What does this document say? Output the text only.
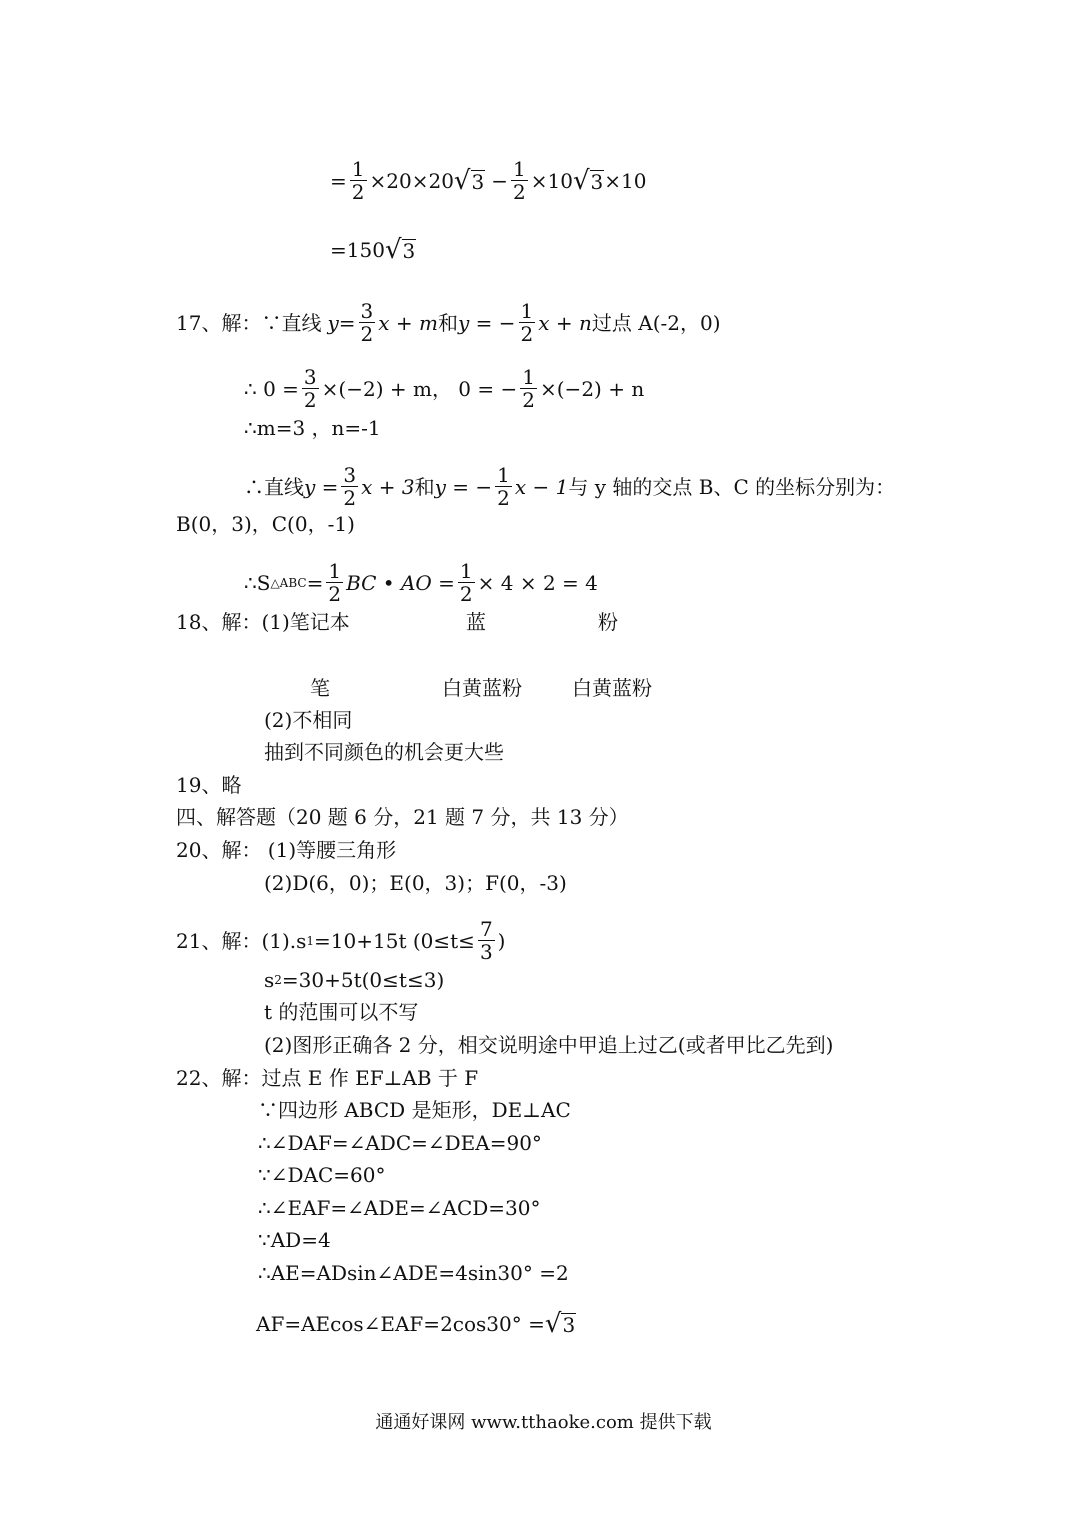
= $\frac{1}{2} \times 20\times 20$ √ $3 - \frac{1}{2} \times 10$ √ 3 ×10
=150 √ 3
17、解：∵直线 $y = \frac{3}{2}$ x + m 和 y = − $\frac{1}{2}$ x + n 过点 A(-2，0)
∴ $0 = \frac{3}{2} \times(-2) + m$， 0 = − $\frac{1}{2} \times(-2) + n$
∴m=3 ，n=-1
∴直线 $y = \frac{3}{2}$ x + 3 和 y = − $\frac{1}{2}$ x − 1 与 y 轴的交点 B、C 的坐标分别为：
B(0，3)，C(0，-1)
∴S △ABC = $\frac{1}{2}$ BC • AO = $\frac{1}{2} \times 4 \times 2 = 4$
18、解：(1)笔记本	蓝	粉
笔	白黄蓝粉	白黄蓝粉
(2)不相同
抽到不同颜色的机会更大些
19、略
四、解答题（20 题 6 分，21 题 7 分，共 13 分）
20、解： (1)等腰三角形
(2)D(6，0)；E(0，3)；F(0，-3)
21、解：(1).s 1 =10+15t ($0\le t\le \frac{7}{3}$ )
s 2 =30+5t(0≤t≤3)
t 的范围可以不写
(2)图形正确各 2 分，相交说明途中甲追上过乙(或者甲比乙先到)
22、解：过点 E 作 EF⊥AB 于 F
∵四边形 ABCD 是矩形，DE⊥AC
∴∠DAF=∠ADC=∠DEA=90°
∵∠DAC=60°
∴∠EAF=∠ADE=∠ACD=30°
∵AD=4
∴AE=ADsin∠ADE=4sin30° =2
AF=AEcos∠EAF=2cos30° = √ 3
通通好课网 www.tthaoke.com 提供下载
